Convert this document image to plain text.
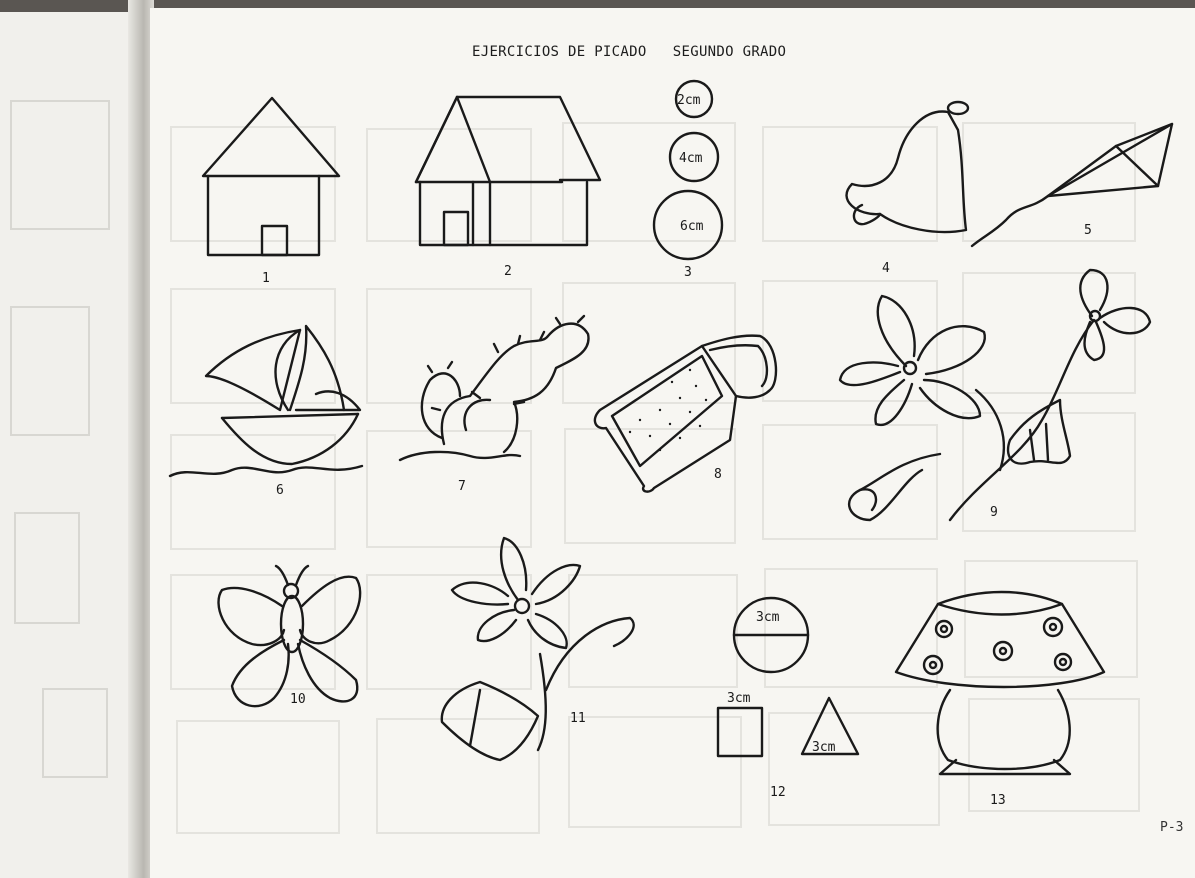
EJERCICIOS DE PICADO SEGUNDO GRADO
1	2
2cm
4cm
6cm
3	4
5
6	7
8
9
10
11
3cm
3cm
3cm
12
13
P-3
